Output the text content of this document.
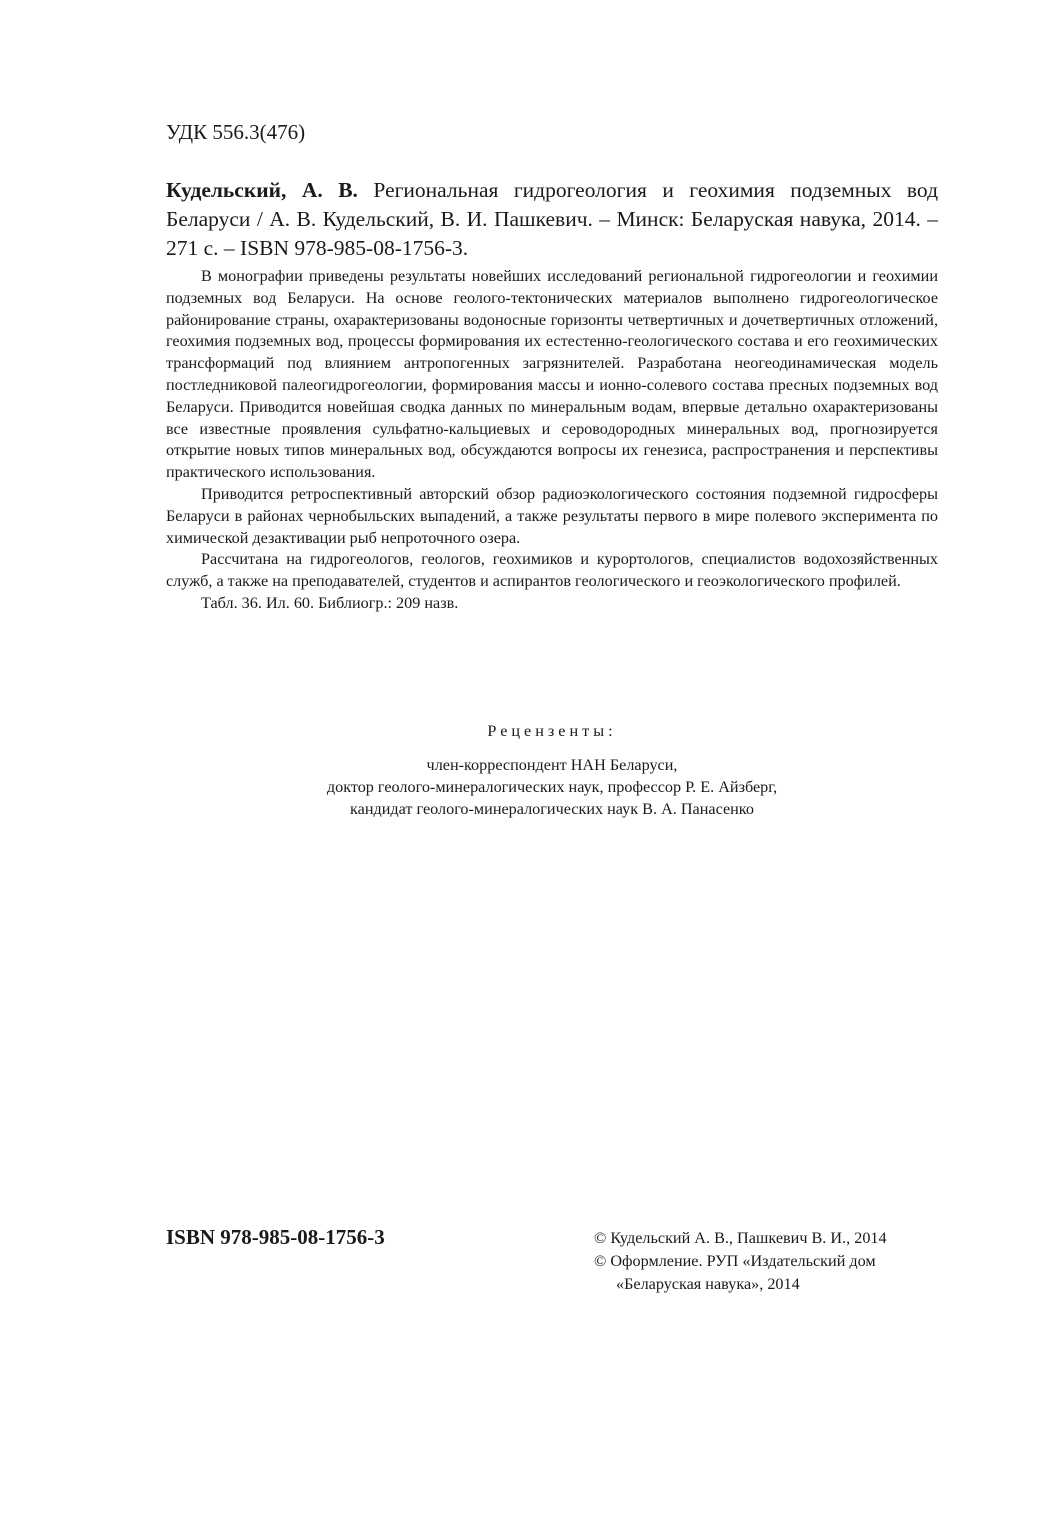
УДК 556.3(476)
Кудельский, А. В. Региональная гидрогеология и геохимия подземных вод Беларуси / А. В. Кудельский, В. И. Пашкевич. – Минск: Беларуская навука, 2014. – 271 с. – ISBN 978-985-08-1756-3.

В монографии приведены результаты новейших исследований региональной гидрогеологии и геохимии подземных вод Беларуси. На основе геолого-тектонических материалов выполнено гидрогеологическое районирование страны, охарактеризованы водоносные горизонты четвертичных и дочетвертичных отложений, геохимия подземных вод, процессы формирования их естестенно-геологического состава и его геохимических трансформаций под влиянием антропогенных загрязнителей. Разработана неогеодинамическая модель постледниковой палеогидрогеологии, формирования массы и ионно-солевого состава пресных подземных вод Беларуси. Приводится новейшая сводка данных по минеральным водам, впервые детально охарактеризованы все известные проявления сульфатно-кальциевых и сероводородных минеральных вод, прогнозируется открытие новых типов минеральных вод, обсуждаются вопросы их генезиса, распространения и перспективы практического использования.

Приводится ретроспективный авторский обзор радиоэкологического состояния подземной гидросферы Беларуси в районах чернобыльских выпадений, а также результаты первого в мире полевого эксперимента по химической дезактивации рыб непроточного озера.

Рассчитана на гидрогеологов, геологов, геохимиков и курортологов, специалистов водохозяйственных служб, а также на преподавателей, студентов и аспирантов геологического и геоэкологического профилей.

Табл. 36. Ил. 60. Библиогр.: 209 назв.

Рецензенты:

член-корреспондент НАН Беларуси,

доктор геолого-минералогических наук, профессор Р. Е. Айзберг,

кандидат геолого-минералогических наук В. А. Панасенко

ISBN 978-985-08-1756-3	© Кудельский А. В., Пашкевич В. И., 2014
© Оформление. РУП «Издательский дом
«Беларуская навука», 2014
